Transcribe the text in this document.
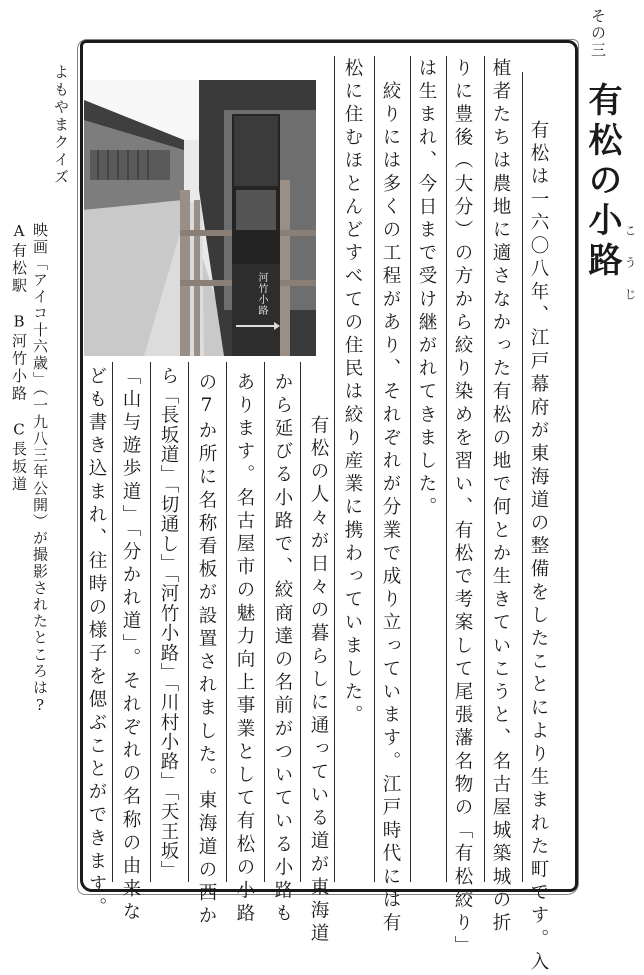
その三
有松の小路 こうじ
有松は一六〇八年、江戸幕府が東海道の整備をしたことにより生まれた町です。入
植者たちは農地に適さなかった有松の地で何とか生きていこうと、名古屋城築城の折
りに豊後（大分）の方から絞り染めを習い、有松で考案して尾張藩名物の「有松絞り」
は生まれ、今日まで受け継がれてきました。
　絞りには多くの工程があり、それぞれが分業で成り立っています。江戸時代には有
松に住むほとんどすべての住民は絞り産業に携わっていました。
河竹小路
　有松の人々が日々の暮らしに通っている道が東海道
から延びる小路で、絞商達の名前がついている小路も
あります。名古屋市の魅力向上事業として有松の小路
の7か所に名称看板が設置されました。東海道の西か
ら「長坂道」「切通し」「河竹小路」「川村小路」「天王坂」
「山与遊歩道」「分かれ道」。それぞれの名称の由来な
ども書き込まれ、往時の様子を偲ぶことができます。
よもやまクイズ
映画「アイコ十六歳」（一九八三年公開）が撮影されたところは?
A有松駅　B河竹小路　C長坂道
